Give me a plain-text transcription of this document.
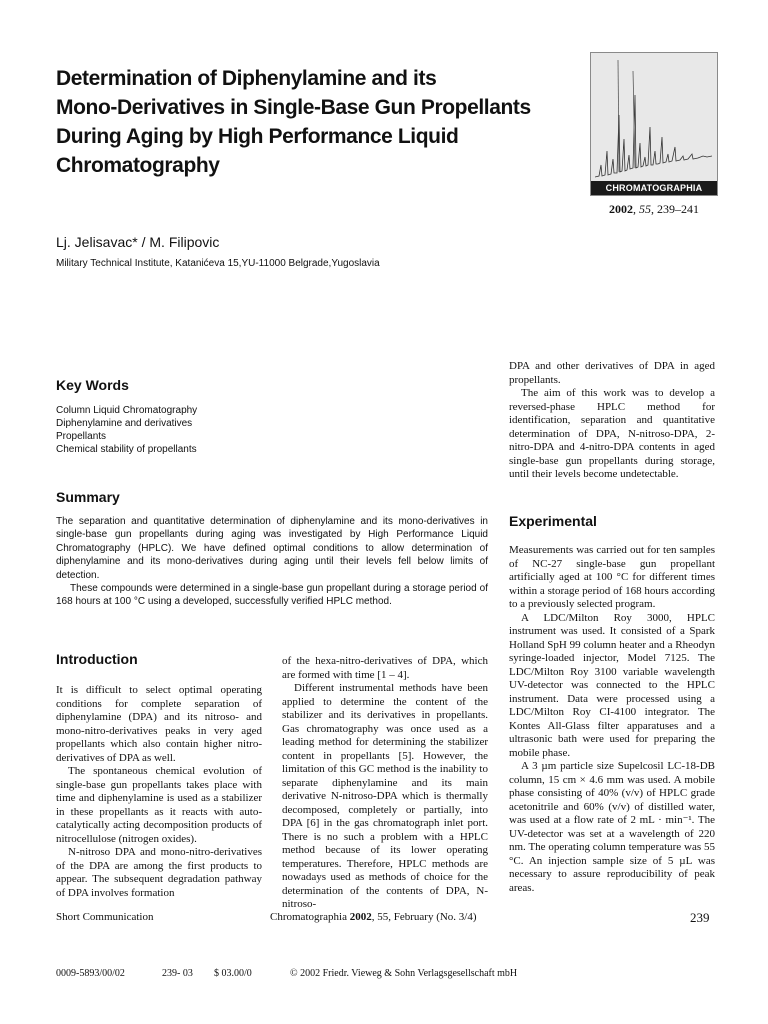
Determination of Diphenylamine and its
Mono-Derivatives in Single-Base Gun Propellants
During Aging by High Performance Liquid
Chromatography
CHROMATOGRAPHIA
2002, 55, 239–241
Lj. Jelisavac* / M. Filipovic
Military Technical Institute, Katanićeva 15,YU-11000 Belgrade,Yugoslavia
Key Words
Column Liquid Chromatography
Diphenylamine and derivatives
Propellants
Chemical stability of propellants
Summary

The separation and quantitative determination of diphenylamine and its mono-derivatives in single-base gun propellants during aging was investigated by High Performance Liquid Chromatography (HPLC). We have defined optimal conditions to allow determination of diphenylamine and its mono-derivatives during aging until their levels fell below limits of detection.

These compounds were determined in a single-base gun propellant during a storage period of 168 hours at 100 °C using a developed, successfully verified HPLC method.

Introduction

It is difficult to select optimal operating conditions for complete separation of diphenylamine (DPA) and its nitroso- and mono-nitro-derivatives peaks in very aged propellants which also contain higher nitro-derivatives of DPA as well.

The spontaneous chemical evolution of single-base gun propellants takes place with time and diphenylamine is used as a stabilizer in these propellants as it reacts with auto-catalytically acting decomposition products of nitrocellulose (nitrogen oxides).

N-nitroso DPA and mono-nitro-derivatives of the DPA are among the first products to appear. The subsequent degradation pathway of DPA involves formation

of the hexa-nitro-derivatives of DPA, which are formed with time [1 – 4].

Different instrumental methods have been applied to determine the content of the stabilizer and its derivatives in propellants. Gas chromatography was once used as a leading method for determining the stabilizer content in propellants [5]. However, the limitation of this GC method is the inability to separate diphenylamine and its main derivative N-nitroso-DPA which is thermally decomposed, completely or partially, into DPA [6] in the gas chromatograph inlet port. There is no such a problem with a HPLC method because of its lower operating temperatures. Therefore, HPLC methods are nowadays used as methods of choice for the determination of the contents of DPA, N-nitroso-

DPA and other derivatives of DPA in aged propellants.

The aim of this work was to develop a reversed-phase HPLC method for identification, separation and quantitative determination of DPA, N-nitroso-DPA, 2-nitro-DPA and 4-nitro-DPA contents in aged single-base gun propellants during storage, until their levels become undetectable.

Experimental

Measurements was carried out for ten samples of NC-27 single-base gun propellant artificially aged at 100 °C for different times within a storage period of 168 hours according to a previously selected program.

A LDC/Milton Roy 3000, HPLC instrument was used. It consisted of a Spark Holland SpH 99 column heater and a Rheodyn syringe-loaded injector, Model 7125. The LDC/Milton Roy 3100 variable wavelength UV-detector was connected to the HPLC instrument. Data were processed using a LDC/Milton Roy CI-4100 integrator. The Kontes All-Glass filter apparatuses and a ultrasonic bath were used for preparing the mobile phase.

A 3 µm particle size Supelcosil LC-18-DB column, 15 cm × 4.6 mm was used. A mobile phase consisting of 40% (v/v) of HPLC grade acetonitrile and 60% (v/v) of distilled water, was used at a flow rate of 2 mL · min⁻¹. The UV-detector was set at a wavelength of 220 nm. The operating column temperature was 55 °C. An injection sample size of 5 µL was necessary to assure reproducibility of peak areas.

Short Communication	Chromatographia 2002, 55, February (No. 3/4)	239
0009-5893/00/02	239- 03 $ 03.00/0	© 2002 Friedr. Vieweg & Sohn Verlagsgesellschaft mbH
